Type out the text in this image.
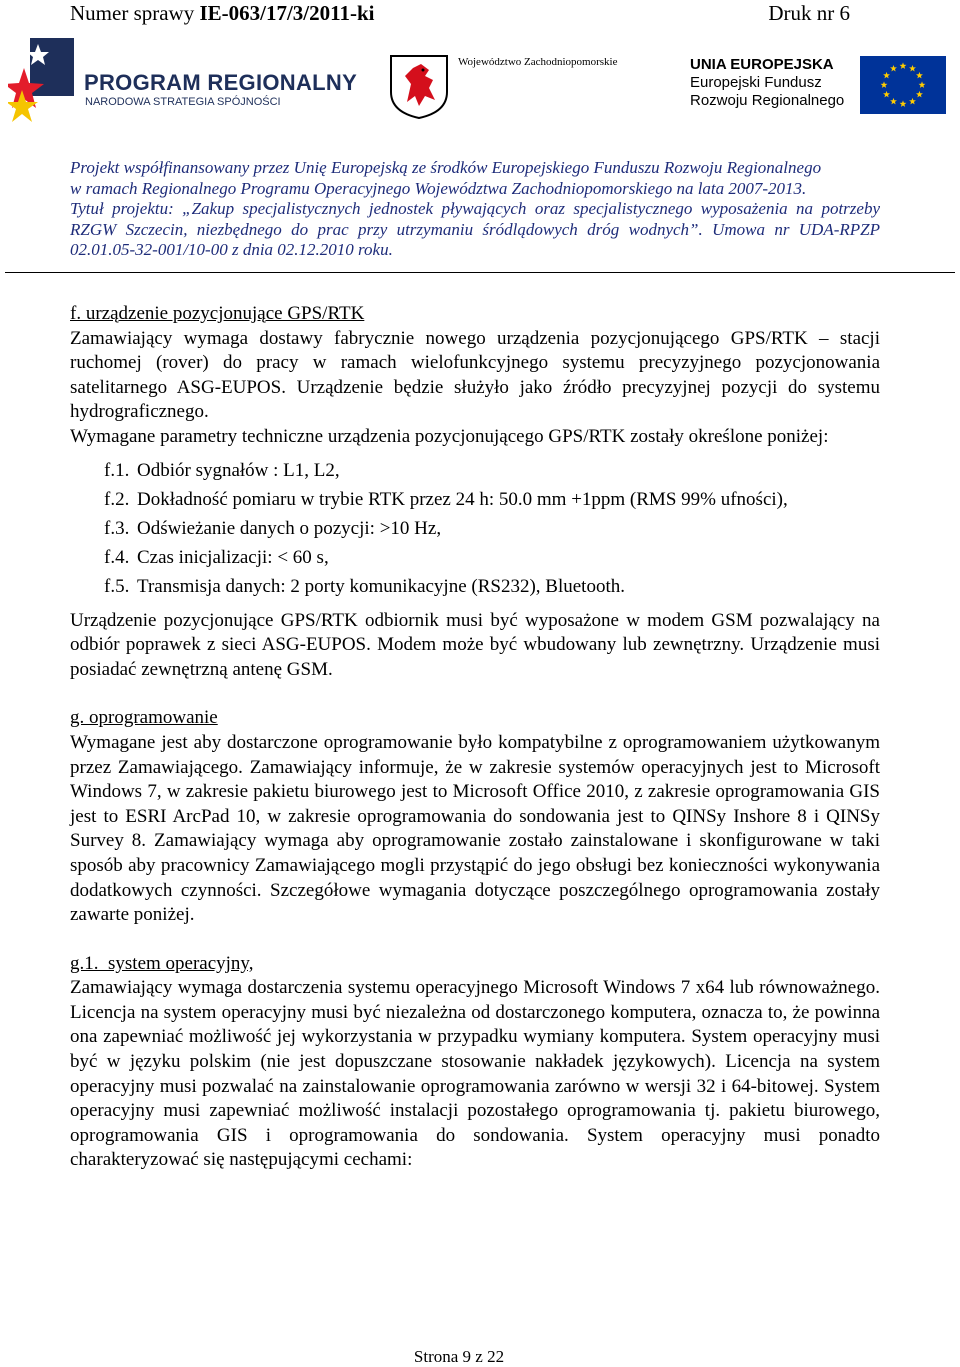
Numer sprawy IE-063/17/3/2011-ki	Druk nr 6
PROGRAM REGIONALNY
NARODOWA STRATEGIA SPÓJNOŚCI
Województwo Zachodniopomorskie	UNIA EUROPEJSKA
Europejski Fundusz
Rozwoju Regionalnego

Projekt współfinansowany przez Unię Europejską ze środków Europejskiego Funduszu Rozwoju Regionalnego

w ramach Regionalnego Programu Operacyjnego Województwa Zachodniopomorskiego na lata 2007-2013.

Tytuł projektu: „Zakup specjalistycznych jednostek pływających oraz specjalistycznego wyposażenia na potrzeby RZGW Szczecin, niezbędnego do prac przy utrzymaniu śródlądowych dróg wodnych”. Umowa nr UDA-RPZP 02.01.05-32-001/10-00 z dnia 02.12.2010 roku.

f. urządzenie pozycjonujące GPS/RTK

Zamawiający wymaga dostawy fabrycznie nowego urządzenia pozycjonującego GPS/RTK – stacji ruchomej (rover) do pracy w ramach wielofunkcyjnego systemu precyzyjnego pozycjonowania satelitarnego ASG-EUPOS. Urządzenie będzie służyło jako źródło precyzyjnej pozycji do systemu hydrograficznego.

Wymagane parametry techniczne urządzenia pozycjonującego GPS/RTK zostały określone poniżej:

f.1. Odbiór sygnałów : L1, L2,
f.2. Dokładność pomiaru w trybie RTK przez 24 h: 50.0 mm +1ppm (RMS 99% ufności),
f.3. Odświeżanie danych o pozycji: >10 Hz,
f.4. Czas inicjalizacji: < 60 s,
f.5. Transmisja danych: 2 porty komunikacyjne (RS232), Bluetooth.

Urządzenie pozycjonujące GPS/RTK odbiornik musi być wyposażone w modem GSM pozwalający na odbiór poprawek z sieci ASG-EUPOS. Modem może być wbudowany lub zewnętrzny. Urządzenie musi posiadać zewnętrzną antenę GSM.

g. oprogramowanie

Wymagane jest aby dostarczone oprogramowanie było kompatybilne z oprogramowaniem użytkowanym przez Zamawiającego. Zamawiający informuje, że w zakresie systemów operacyjnych jest to Microsoft Windows 7, w zakresie pakietu biurowego jest to Microsoft Office 2010, z zakresie oprogramowania GIS jest to ESRI ArcPad 10, w zakresie oprogramowania do sondowania jest to QINSy Inshore 8 i QINSy Survey 8. Zamawiający wymaga aby oprogramowanie zostało zainstalowane i skonfigurowane w taki sposób aby pracownicy Zamawiającego mogli przystąpić do jego obsługi bez konieczności wykonywania dodatkowych czynności. Szczegółowe wymagania dotyczące poszczególnego oprogramowania zostały zawarte poniżej.

g.1.  system operacyjny,

Zamawiający wymaga dostarczenia systemu operacyjnego Microsoft Windows 7 x64 lub równoważnego. Licencja na system operacyjny musi być niezależna od dostarczonego komputera, oznacza to, że powinna ona zapewniać możliwość jej wykorzystania w przypadku wymiany komputera. System operacyjny musi być w języku polskim (nie jest dopuszczane stosowanie nakładek językowych). Licencja na system operacyjny musi pozwalać na zainstalowanie oprogramowania zarówno w wersji 32 i 64-bitowej. System operacyjny musi zapewniać możliwość instalacji pozostałego oprogramowania tj. pakietu biurowego, oprogramowania GIS i oprogramowania do sondowania. System operacyjny musi ponadto charakteryzować się następującymi cechami:

Strona 9 z 22
